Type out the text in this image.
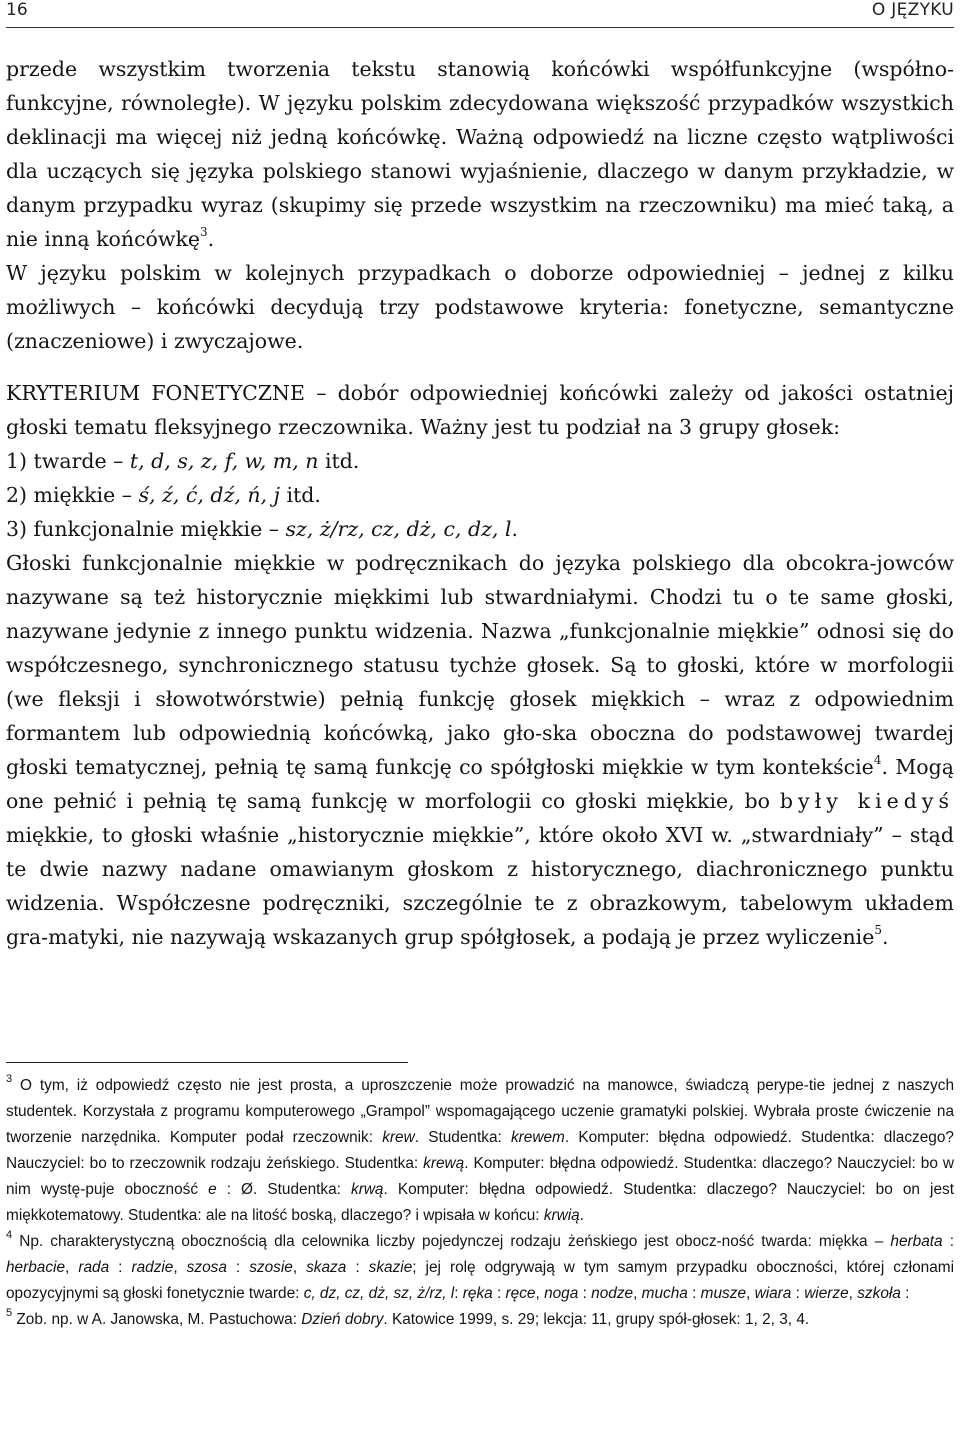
16	O JĘZYKU

przede wszystkim tworzenia tekstu stanowią końcówki współfunkcyjne (współno-funkcyjne, równoległe). W języku polskim zdecydowana większość przypadków wszystkich deklinacji ma więcej niż jedną końcówkę. Ważną odpowiedź na liczne często wątpliwości dla uczących się języka polskiego stanowi wyjaśnienie, dlaczego w danym przykładzie, w danym przypadku wyraz (skupimy się przede wszystkim na rzeczowniku) ma mieć taką, a nie inną końcówkę$^3$.

W języku polskim w kolejnych przypadkach o doborze odpowiedniej – jednej z kilku możliwych – końcówki decydują trzy podstawowe kryteria: fonetyczne, semantyczne (znaczeniowe) i zwyczajowe.

KRYTERIUM FONETYCZNE – dobór odpowiedniej końcówki zależy od jakości ostatniej głoski tematu fleksyjnego rzeczownika. Ważny jest tu podział na 3 grupy głosek:

1) twarde – t, d, s, z, f, w, m, n itd.

2) miękkie – ś, ź, ć, dź, ń, j itd.

3) funkcjonalnie miękkie – sz, ż/rz, cz, dż, c, dz, l.

Głoski funkcjonalnie miękkie w podręcznikach do języka polskiego dla obcokra-jowców nazywane są też historycznie miękkimi lub stwardniałymi. Chodzi tu o te same głoski, nazywane jedynie z innego punktu widzenia. Nazwa „funkcjonalnie miękkie” odnosi się do współczesnego, synchronicznego statusu tychże głosek. Są to głoski, które w morfologii (we fleksji i słowotwórstwie) pełnią funkcję głosek miękkich – wraz z odpowiednim formantem lub odpowiednią końcówką, jako gło-ska oboczna do podstawowej twardej głoski tematycznej, pełnią tę samą funkcję co spółgłoski miękkie w tym kontekście$^4$. Mogą one pełnić i pełnią tę samą funkcję w morfologii co głoski miękkie, bo były kiedyś miękkie, to głoski właśnie „historycznie miękkie”, które około XVI w. „stwardniały” – stąd te dwie nazwy nadane omawianym głoskom z historycznego, diachronicznego punktu widzenia. Współczesne podręczniki, szczególnie te z obrazkowym, tabelowym układem gra-matyki, nie nazywają wskazanych grup spółgłosek, a podają je przez wyliczenie$^5$.

$^3$ O tym, iż odpowiedź często nie jest prosta, a uproszczenie może prowadzić na manowce, świadczą perype-tie jednej z naszych studentek. Korzystała z programu komputerowego „Grampol” wspomagającego uczenie gramatyki polskiej. Wybrała proste ćwiczenie na tworzenie narzędnika. Komputer podał rzeczownik: krew. Studentka: krewem. Komputer: błędna odpowiedź. Studentka: dlaczego? Nauczyciel: bo to rzeczownik rodzaju żeńskiego. Studentka: krewą. Komputer: błędna odpowiedź. Studentka: dlaczego? Nauczyciel: bo w nim wystę-puje oboczność e : Ø. Studentka: krwą. Komputer: błędna odpowiedź. Studentka: dlaczego? Nauczyciel: bo on jest miękkotematowy. Studentka: ale na litość boską, dlaczego? i wpisała w końcu: krwią.

$^4$ Np. charakterystyczną obocznością dla celownika liczby pojedynczej rodzaju żeńskiego jest obocz-ność twarda: miękka – herbata : herbacie, rada : radzie, szosa : szosie, skaza : skazie; jej rolę odgrywają w tym samym przypadku oboczności, której członami opozycyjnymi są głoski fonetycznie twarde: c, dz, cz, dż, sz, ż/rz, l: ręka : ręce, noga : nodze, mucha : musze, wiara : wierze, szkoła :

$^5$ Zob. np. w A. Janowska, M. Pastuchowa: Dzień dobry. Katowice 1999, s. 29; lekcja: 11, grupy spół-głosek: 1, 2, 3, 4.
